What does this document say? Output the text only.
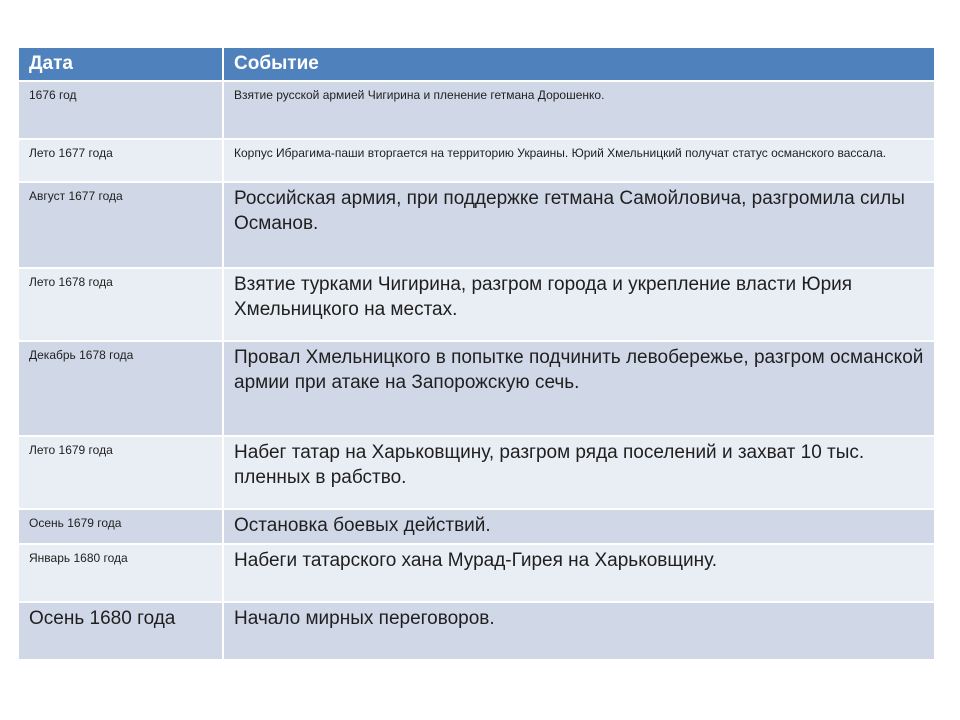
Дата	Событие
1676 год	Взятие русской армией Чигирина и пленение гетмана Дорошенко.
Лето 1677 года	Корпус Ибрагима-паши вторгается на территорию Украины. Юрий Хмельницкий получат статус османского вассала.
Август 1677 года	Российская армия, при поддержке гетмана Самойловича, разгромила силы Османов.
Лето 1678 года	Взятие турками Чигирина, разгром города и укрепление власти Юрия Хмельницкого на местах.
Декабрь 1678 года	Провал Хмельницкого в попытке подчинить левобережье, разгром османской армии при атаке на Запорожскую сечь.
Лето 1679 года	Набег татар на Харьковщину, разгром ряда поселений и захват 10 тыс. пленных в рабство.
Осень 1679 года	Остановка боевых действий.
Январь 1680 года	Набеги татарского хана Мурад-Гирея на Харьковщину.
Осень 1680 года	Начало мирных переговоров.
